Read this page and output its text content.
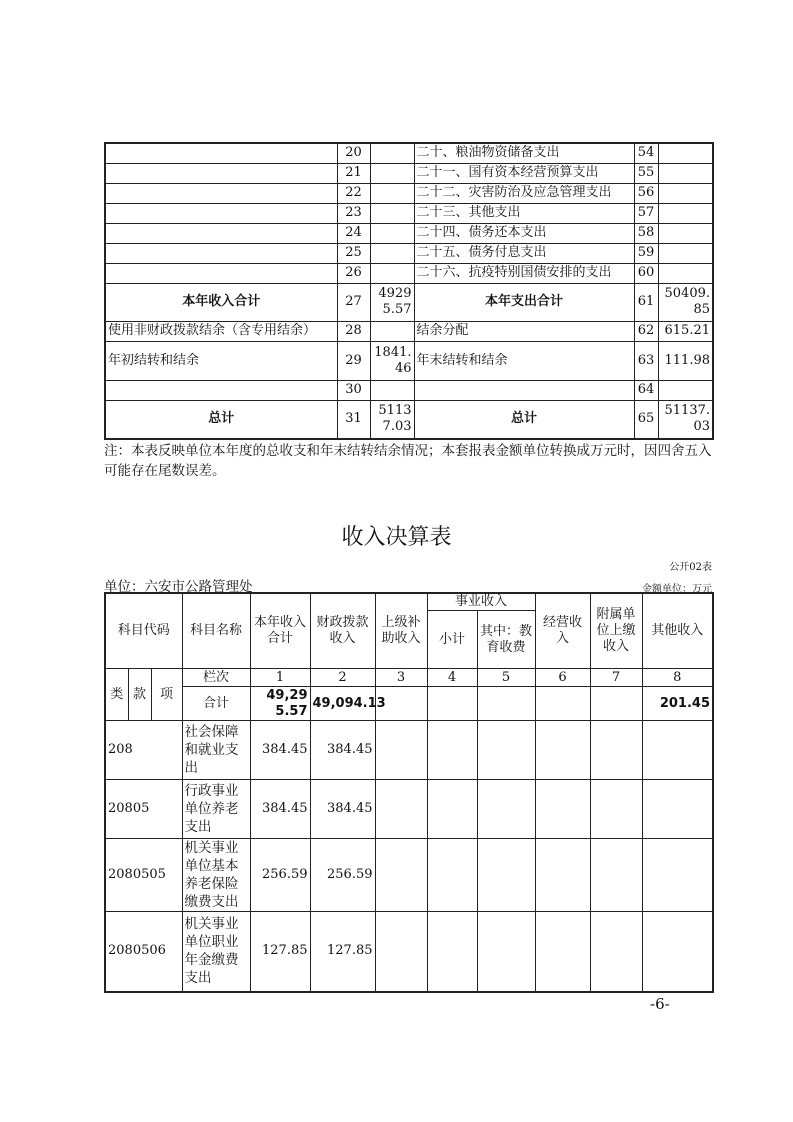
	20		二十、粮油物资储备支出	54	
	21		二十一、国有资本经营预算支出	55	
	22		二十二、灾害防治及应急管理支出	56	
	23		二十三、其他支出	57	
	24		二十四、债务还本支出	58	
	25		二十五、债务付息支出	59	
	26		二十六、抗疫特别国债安排的支出	60	
本年收入合计	27	49295.57	本年支出合计	61	50409.85
使用非财政拨款结余（含专用结余）	28		结余分配	62	615.21
年初结转和结余	29	1841.46	年末结转和结余	63	111.98
	30			64	
总计	31	51137.03	总计	65	51137.03
注：本表反映单位本年度的总收支和年末结转结余情况；本套报表金额单位转换成万元时，因四舍五入可能存在尾数误差。
收入决算表
公开02表
单位：六安市公路管理处	金额单位：万元
科目代码			科目名称	本年收入合计	财政拨款收入	上级补助收入	事业收入		经营收入	附属单位上缴收入	其他收入
							小计	其中：教育收费			
类	款	项	栏次	1	2	3	4	5	6	7	8
			合计	49,295.57	49,094.13						201.45
208			社会保障和就业支出	384.45	384.45						
20805			行政事业单位养老支出	384.45	384.45						
2080505			机关事业单位基本养老保险缴费支出	256.59	256.59						
2080506			机关事业单位职业年金缴费支出	127.85	127.85						
-6-
